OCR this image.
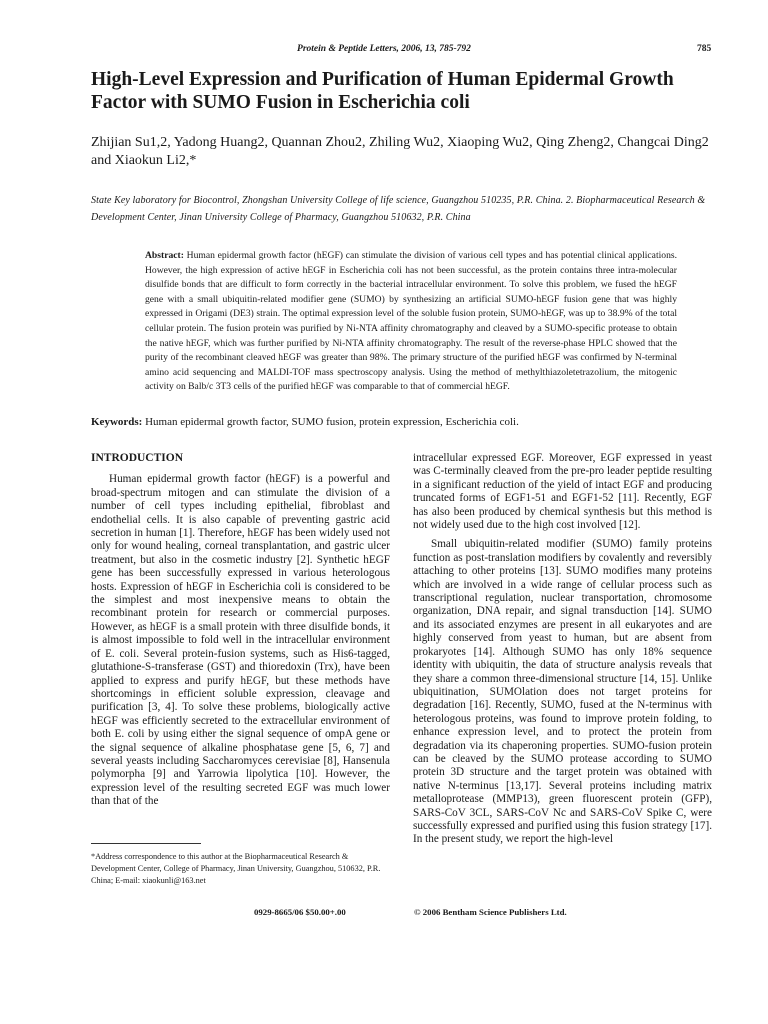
Protein & Peptide Letters, 2006, 13, 785-792	785
High-Level Expression and Purification of Human Epidermal Growth Factor with SUMO Fusion in Escherichia coli
Zhijian Su1,2, Yadong Huang2, Quannan Zhou2, Zhiling Wu2, Xiaoping Wu2, Qing Zheng2, Changcai Ding2 and Xiaokun Li2,*
State Key laboratory for Biocontrol, Zhongshan University College of life science, Guangzhou 510235, P.R. China. 2. Biopharmaceutical Research & Development Center, Jinan University College of Pharmacy, Guangzhou 510632, P.R. China
Abstract: Human epidermal growth factor (hEGF) can stimulate the division of various cell types and has potential clinical applications. However, the high expression of active hEGF in Escherichia coli has not been successful, as the protein contains three intra-molecular disulfide bonds that are difficult to form correctly in the bacterial intracellular environment. To solve this problem, we fused the hEGF gene with a small ubiquitin-related modifier gene (SUMO) by synthesizing an artificial SUMO-hEGF fusion gene that was highly expressed in Origami (DE3) strain. The optimal expression level of the soluble fusion protein, SUMO-hEGF, was up to 38.9% of the total cellular protein. The fusion protein was purified by Ni-NTA affinity chromatography and cleaved by a SUMO-specific protease to obtain the native hEGF, which was further purified by Ni-NTA affinity chromatography. The result of the reverse-phase HPLC showed that the purity of the recombinant cleaved hEGF was greater than 98%. The primary structure of the purified hEGF was confirmed by N-terminal amino acid sequencing and MALDI-TOF mass spectroscopy analysis. Using the method of methylthiazoletetrazolium, the mitogenic activity on Balb/c 3T3 cells of the purified hEGF was comparable to that of commercial hEGF.
Keywords: Human epidermal growth factor, SUMO fusion, protein expression, Escherichia coli.
INTRODUCTION

Human epidermal growth factor (hEGF) is a powerful and broad-spectrum mitogen and can stimulate the division of a number of cell types including epithelial, fibroblast and endothelial cells. It is also capable of preventing gastric acid secretion in human [1]. Therefore, hEGF has been widely used not only for wound healing, corneal transplantation, and gastric ulcer treatment, but also in the cosmetic industry [2]. Synthetic hEGF gene has been successfully expressed in various heterologous hosts. Expression of hEGF in Escherichia coli is considered to be the simplest and most inexpensive means to obtain the recombinant protein for research or commercial purposes. However, as hEGF is a small protein with three disulfide bonds, it is almost impossible to fold well in the intracellular environment of E. coli. Several protein-fusion systems, such as His6-tagged, glutathione-S-transferase (GST) and thioredoxin (Trx), have been applied to express and purify hEGF, but these methods have shortcomings in efficient soluble expression, cleavage and purification [3, 4]. To solve these problems, biologically active hEGF was efficiently secreted to the extracellular environment of both E. coli by using either the signal sequence of ompA gene or the signal sequence of alkaline phosphatase gene [5, 6, 7] and several yeasts including Saccharomyces cerevisiae [8], Hansenula polymorpha [9] and Yarrowia lipolytica [10]. However, the expression level of the resulting secreted EGF was much lower than that of the

intracellular expressed EGF. Moreover, EGF expressed in yeast was C-terminally cleaved from the pre-pro leader peptide resulting in a significant reduction of the yield of intact EGF and producing truncated forms of EGF1-51 and EGF1-52 [11]. Recently, EGF has also been produced by chemical synthesis but this method is not widely used due to the high cost involved [12].

Small ubiquitin-related modifier (SUMO) family proteins function as post-translation modifiers by covalently and reversibly attaching to other proteins [13]. SUMO modifies many proteins which are involved in a wide range of cellular process such as transcriptional regulation, nuclear transportation, chromosome organization, DNA repair, and signal transduction [14]. SUMO and its associated enzymes are present in all eukaryotes and are highly conserved from yeast to human, but are absent from prokaryotes [14]. Although SUMO has only 18% sequence identity with ubiquitin, the data of structure analysis reveals that they share a common three-dimensional structure [14, 15]. Unlike ubiquitination, SUMOlation does not target proteins for degradation [16]. Recently, SUMO, fused at the N-terminus with heterologous proteins, was found to improve protein folding, to enhance expression level, and to protect the protein from degradation via its chaperoning properties. SUMO-fusion protein can be cleaved by the SUMO protease according to SUMO protein 3D structure and the target protein was obtained with native N-terminus [13,17]. Several proteins including matrix metalloprotease (MMP13), green fluorescent protein (GFP), SARS-CoV 3CL, SARS-CoV Nc and SARS-CoV Spike C, were successfully expressed and purified using this fusion strategy [17]. In the present study, we report the high-level

*Address correspondence to this author at the Biopharmaceutical Research & Development Center, College of Pharmacy, Jinan University, Guangzhou, 510632, P.R. China; E-mail: xiaokunli@163.net
0929-8665/06 $50.00+.00	© 2006 Bentham Science Publishers Ltd.
